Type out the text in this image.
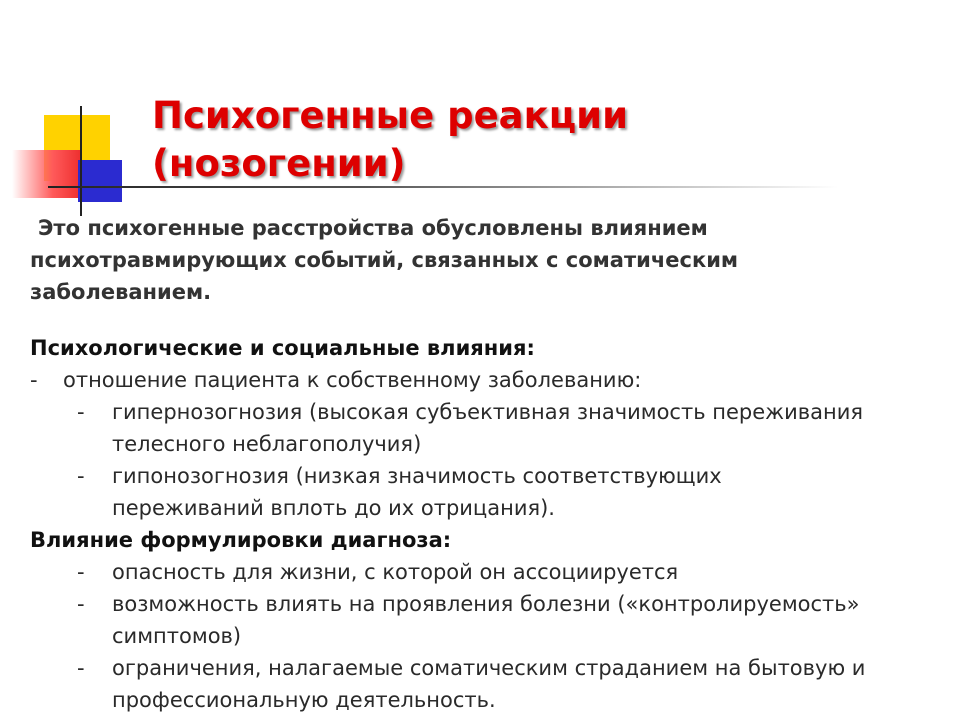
Психогенные реакции
(нозогении)
Это психогенные расстройства обусловлены влиянием
психотравмирующих событий, связанных с соматическим
заболеванием.
Психологические и социальные влияния:
- отношение пациента к собственному заболеванию:
- гипернозогнозия (высокая субъективная значимость переживания
телесного неблагополучия)
- гипонозогнозия (низкая значимость соответствующих
переживаний вплоть до их отрицания).
Влияние формулировки диагноза:
- опасность для жизни, с которой он ассоциируется
- возможность влиять на проявления болезни («контролируемость»
симптомов)
- ограничения, налагаемые соматическим страданием на бытовую и
профессиональную деятельность.
